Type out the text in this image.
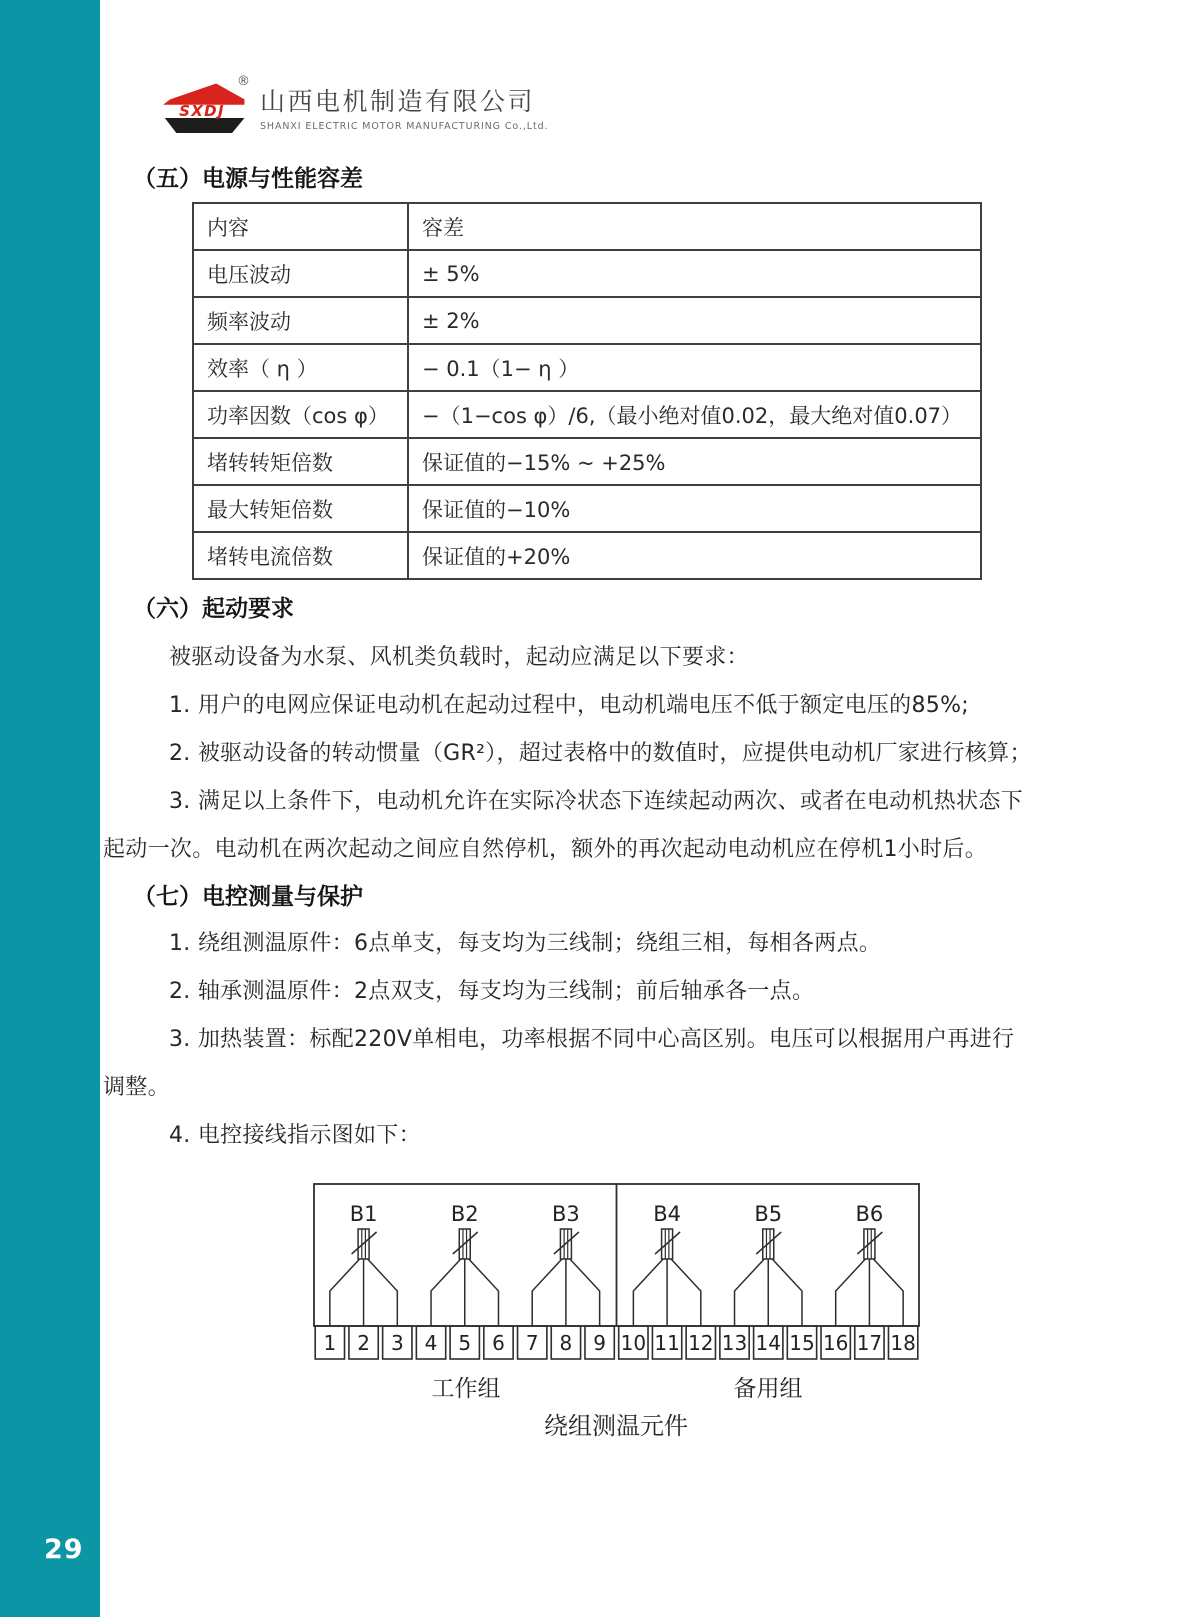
29
SXDJ
®
山西电机制造有限公司
SHANXI ELECTRIC MOTOR MANUFACTURING Co.,Ltd.
（五）电源与性能容差
内容	容差
电压波动	± 5%
频率波动	± 2%
效率（ η ）	− 0.1（1− η ）
功率因数（cos φ）	−（1−cos φ）/6,（最小绝对值0.02，最大绝对值0.07）
堵转转矩倍数	保证值的−15% ~ +25%
最大转矩倍数	保证值的−10%
堵转电流倍数	保证值的+20%
（六）起动要求
被驱动设备为水泵、风机类负载时，起动应满足以下要求：
1. 用户的电网应保证电动机在起动过程中，电动机端电压不低于额定电压的85%;
2. 被驱动设备的转动惯量（GR²），超过表格中的数值时，应提供电动机厂家进行核算；
3. 满足以上条件下，电动机允许在实际冷状态下连续起动两次、或者在电动机热状态下
起动一次。电动机在两次起动之间应自然停机，额外的再次起动电动机应在停机1小时后。
（七）电控测量与保护
1. 绕组测温原件：6点单支，每支均为三线制；绕组三相，每相各两点。
2. 轴承测温原件：2点双支，每支均为三线制；前后轴承各一点。
3. 加热装置：标配220V单相电，功率根据不同中心高区别。电压可以根据用户再进行
调整。
4. 电控接线指示图如下：
1 2 3 4 5 6 7 8 9 10 11 12 13 14 15 16 17 18
B1	B2	B3	B4	B5	B6
工作组	备用组
绕组测温元件
